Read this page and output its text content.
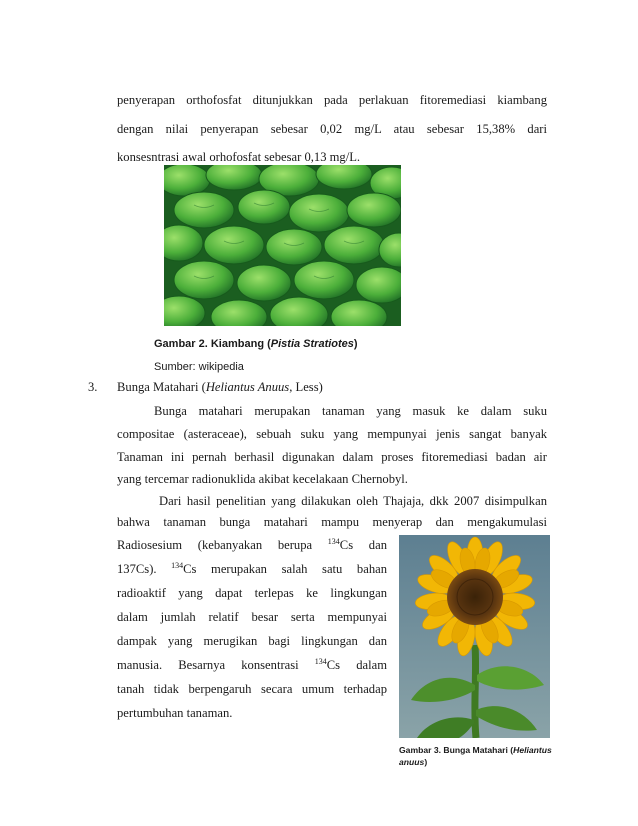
penyerapan orthofosfat ditunjukkan pada perlakuan fitoremediasi kiambang
dengan nilai penyerapan sebesar 0,02 mg/L atau sebesar 15,38% dari
konsesntrasi awal orhofosfat sebesar 0,13 mg/L.
Gambar 2. Kiambang (Pistia Stratiotes)
Sumber: wikipedia
3. Bunga Matahari (Heliantus Anuus, Less)
Bunga matahari merupakan tanaman yang masuk ke dalam suku
compositae (asteraceae), sebuah suku yang mempunyai jenis sangat banyak
Tanaman ini pernah berhasil digunakan dalam proses fitoremediasi badan air
yang tercemar radionuklida akibat kecelakaan Chernobyl.
Dari hasil penelitian yang dilakukan oleh Thajaja, dkk 2007 disimpulkan
bahwa tanaman bunga matahari mampu menyerap dan mengakumulasi
Radiosesium (kebanyakan berupa $^{134}$Cs dan
137Cs). $^{134}$Cs merupakan salah satu bahan
radioaktif yang dapat terlepas ke lingkungan
dalam jumlah relatif besar serta mempunyai
dampak yang merugikan bagi lingkungan dan
manusia. Besarnya konsentrasi $^{134}$Cs dalam
tanah tidak berpengaruh secara umum terhadap
pertumbuhan tanaman.
Gambar 3. Bunga Matahari (Heliantus
anuus)
